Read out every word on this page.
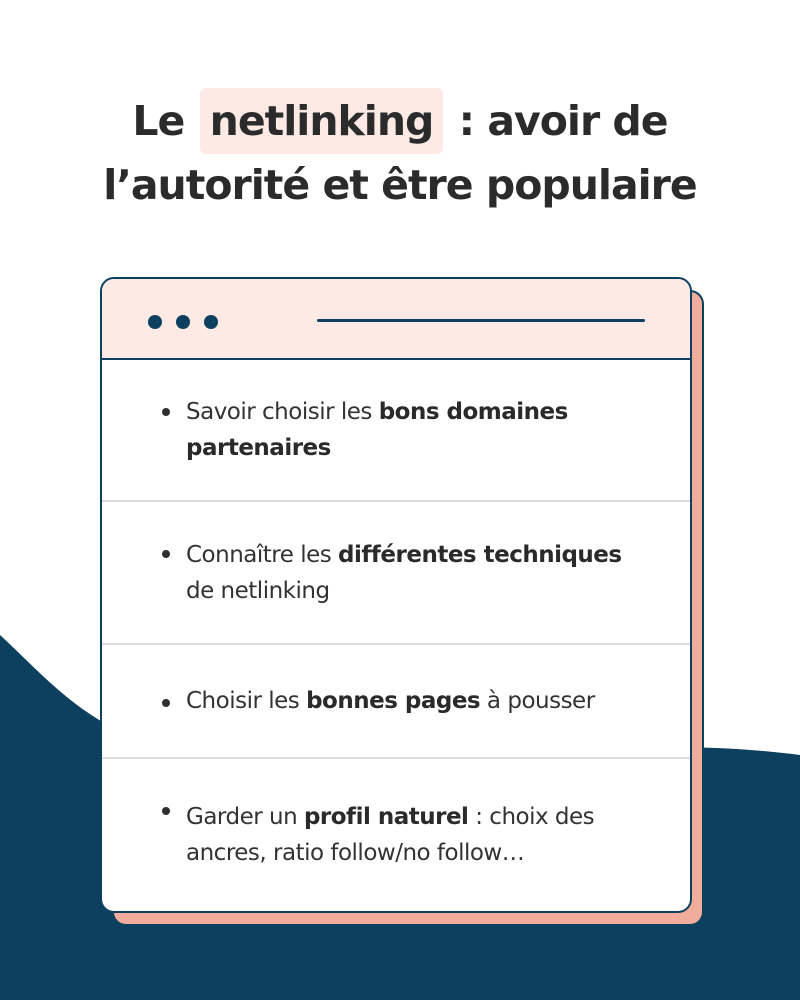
Le netlinking : avoir de
l’autorité et être populaire
Savoir choisir les bons domaines partenaires
Connaître les différentes techniques de netlinking
Choisir les bonnes pages à pousser
Garder un profil naturel : choix des ancres, ratio follow/no follow…
